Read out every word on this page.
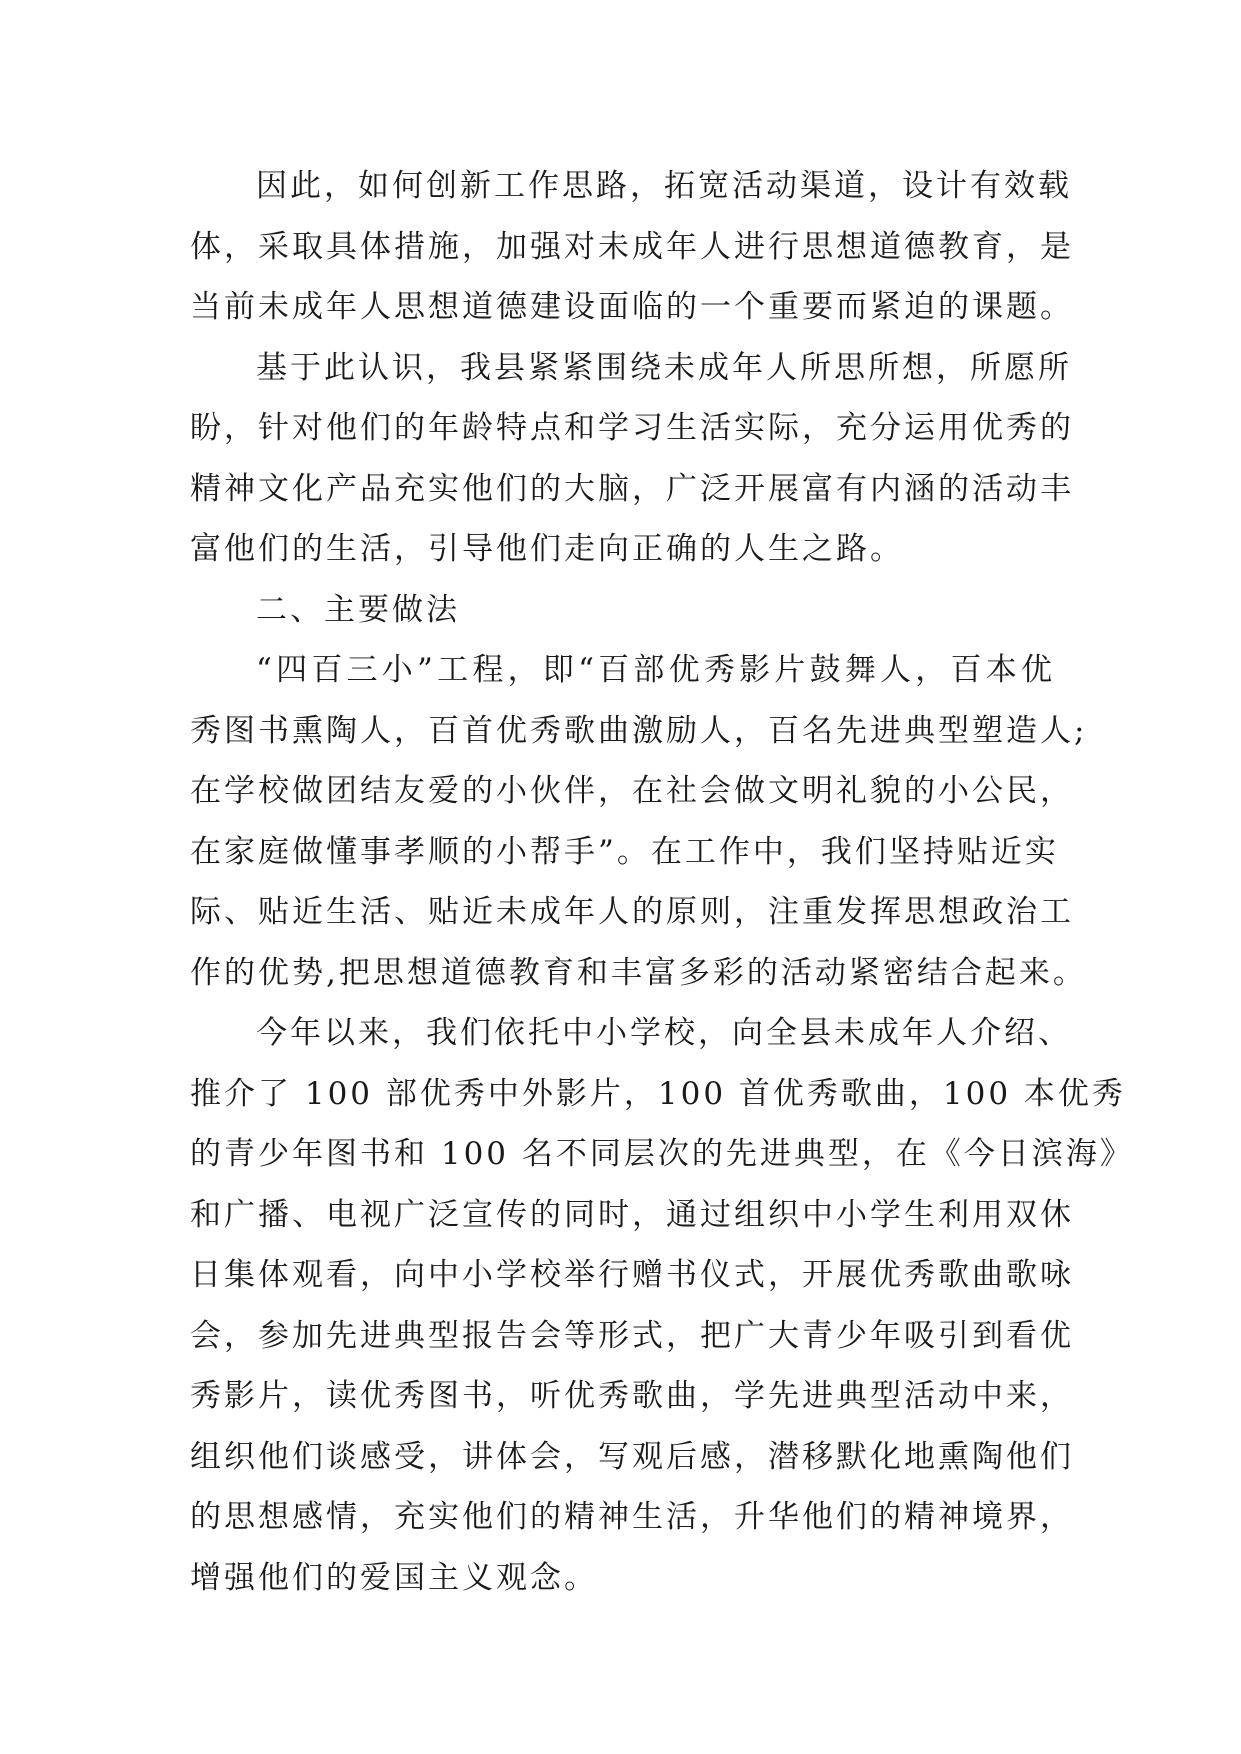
因此，如何创新工作思路，拓宽活动渠道，设计有效载
体，采取具体措施，加强对未成年人进行思想道德教育，是
当前未成年人思想道德建设面临的一个重要而紧迫的课题。
基于此认识，我县紧紧围绕未成年人所思所想，所愿所
盼，针对他们的年龄特点和学习生活实际，充分运用优秀的
精神文化产品充实他们的大脑，广泛开展富有内涵的活动丰
富他们的生活，引导他们走向正确的人生之路。
二、主要做法
“四百三小”工程，即“百部优秀影片鼓舞人，百本优
秀图书熏陶人，百首优秀歌曲激励人，百名先进典型塑造人;
在学校做团结友爱的小伙伴，在社会做文明礼貌的小公民，
在家庭做懂事孝顺的小帮手”。在工作中，我们坚持贴近实
际、贴近生活、贴近未成年人的原则，注重发挥思想政治工
作的优势,把思想道德教育和丰富多彩的活动紧密结合起来。
今年以来，我们依托中小学校，向全县未成年人介绍、
推介了 100 部优秀中外影片，100 首优秀歌曲，100 本优秀
的青少年图书和 100 名不同层次的先进典型，在《今日滨海》
和广播、电视广泛宣传的同时，通过组织中小学生利用双休
日集体观看，向中小学校举行赠书仪式，开展优秀歌曲歌咏
会，参加先进典型报告会等形式，把广大青少年吸引到看优
秀影片，读优秀图书，听优秀歌曲，学先进典型活动中来，
组织他们谈感受，讲体会，写观后感，潜移默化地熏陶他们
的思想感情，充实他们的精神生活，升华他们的精神境界，
增强他们的爱国主义观念。
